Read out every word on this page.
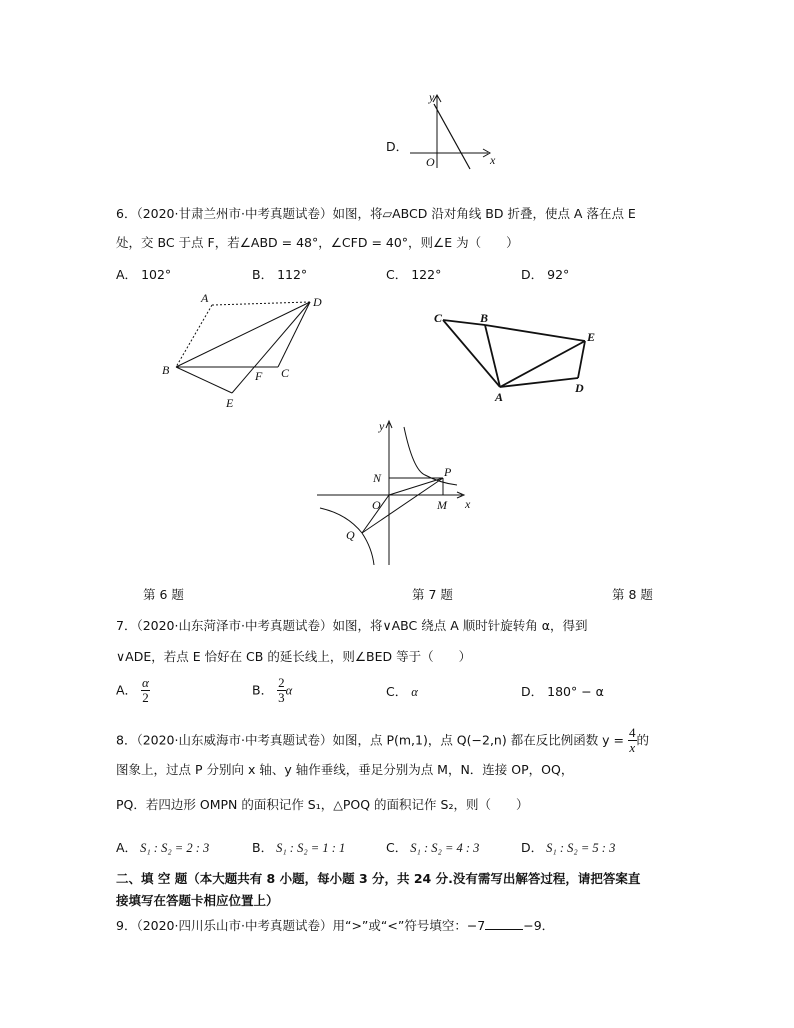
D．
x
y
O
6．（2020·甘肃兰州市·中考真题试卷）如图，将▱ABCD 沿对角线 BD 折叠，使点 A 落在点 E
处，交 BC 于点 F，若∠ABD = 48°，∠CFD = 40°，则∠E 为（　　）
A． 102°	B． 112°	C． 122°	D． 92°
A	D
B	C
F
E
C	B
E
A
D
y
x
O
N	P
M
Q
第 6 题	第 7 题	第 8 题
7．（2020·山东菏泽市·中考真题试卷）如图，将∨ABC 绕点 A 顺时针旋转角 α，得到
∨ADE，若点 E 恰好在 CB 的延长线上，则∠BED 等于（　　）
A． $\frac{\alpha}{2}$	B． $\frac{2}{3}$ α	C． α	D． 180° − α
8．（2020·山东威海市·中考真题试卷）如图，点 P(m,1)，点 Q(−2,n) 都在反比例函数 $y = \frac{4}{x}$ 的
图象上，过点 P 分别向 x 轴、y 轴作垂线，垂足分别为点 M，N．连接 OP，OQ，
PQ．若四边形 OMPN 的面积记作 S₁，△POQ 的面积记作 S₂，则（　　）
A． S₁ : S₂ = 2 : 3	B． S₁ : S₂ = 1 : 1	C． S₁ : S₂ = 4 : 3	D． S₁ : S₂ = 5 : 3
二、填 空 题（本大题共有 8 小题，每小题 3 分，共 24 分.没有需写出解答过程，请把答案直
接填写在答题卡相应位置上）
9．（2020·四川乐山市·中考真题试卷）用“>”或“<”符号填空：−7	−9．
